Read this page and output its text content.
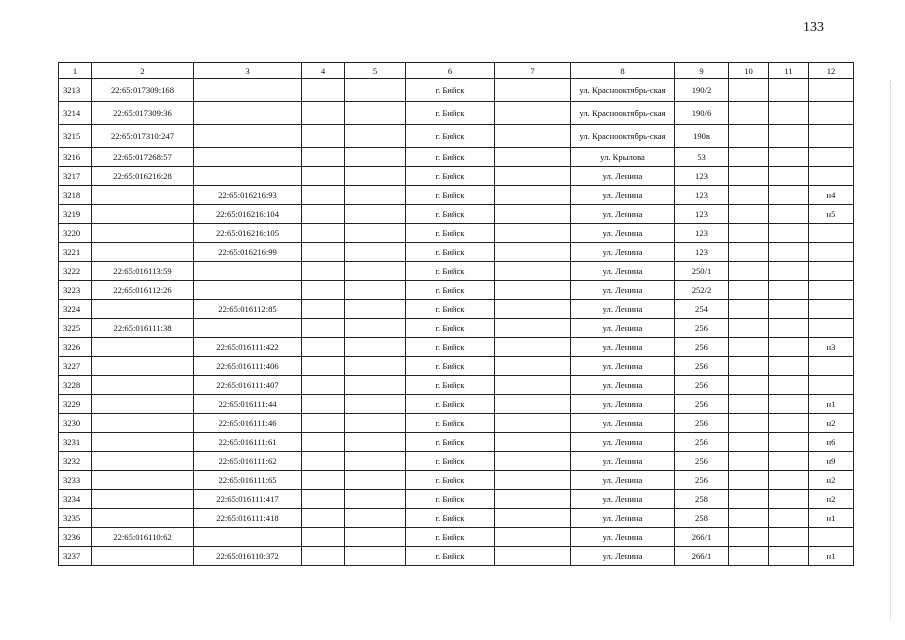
133
1	2	3	4	5	6	7	8	9	10	11	12
3213	22:65:017309:168				г. Бийск		ул. Краснооктябрь-ская	190/2			
3214	22:65:017309:36				г. Бийск		ул. Краснооктябрь-ская	190/6			
3215	22:65:017310:247				г. Бийск		ул. Краснооктябрь-ская	190в			
3216	22:65:017268:57				г. Бийск		ул. Крылова	53			
3217	22:65:016216:28				г. Бийск		ул. Ленина	123			
3218		22:65:016216:93			г. Бийск		ул. Ленина	123			н4
3219		22:65:016216:104			г. Бийск		ул. Ленина	123			н5
3220		22:65:016216:105			г. Бийск		ул. Ленина	123			
3221		22:65:016216:99			г. Бийск		ул. Ленина	123			
3222	22:65:016113:59				г. Бийск		ул. Ленина	250/1			
3223	22:65:016112:26				г. Бийск		ул. Ленина	252/2			
3224		22:65:016112:85			г. Бийск		ул. Ленина	254			
3225	22:65:016111:38				г. Бийск		ул. Ленина	256			
3226		22:65:016111:422			г. Бийск		ул. Ленина	256			н3
3227		22:65:016111:406			г. Бийск		ул. Ленина	256			
3228		22:65:016111:407			г. Бийск		ул. Ленина	256			
3229		22:65:016111:44			г. Бийск		ул. Ленина	256			н1
3230		22:65:016111:46			г. Бийск		ул. Ленина	256			н2
3231		22:65:016111:61			г. Бийск		ул. Ленина	256			н6
3232		22:65:016111:62			г. Бийск		ул. Ленина	256			н9
3233		22:65:016111:65			г. Бийск		ул. Ленина	256			н2
3234		22:65:016111:417			г. Бийск		ул. Ленина	258			н2
3235		22:65:016111:418			г. Бийск		ул. Ленина	258			н1
3236	22:65:016110:62				г. Бийск		ул. Ленина	266/1			
3237		22:65:016110:372			г. Бийск		ул. Ленина	266/1			н1
